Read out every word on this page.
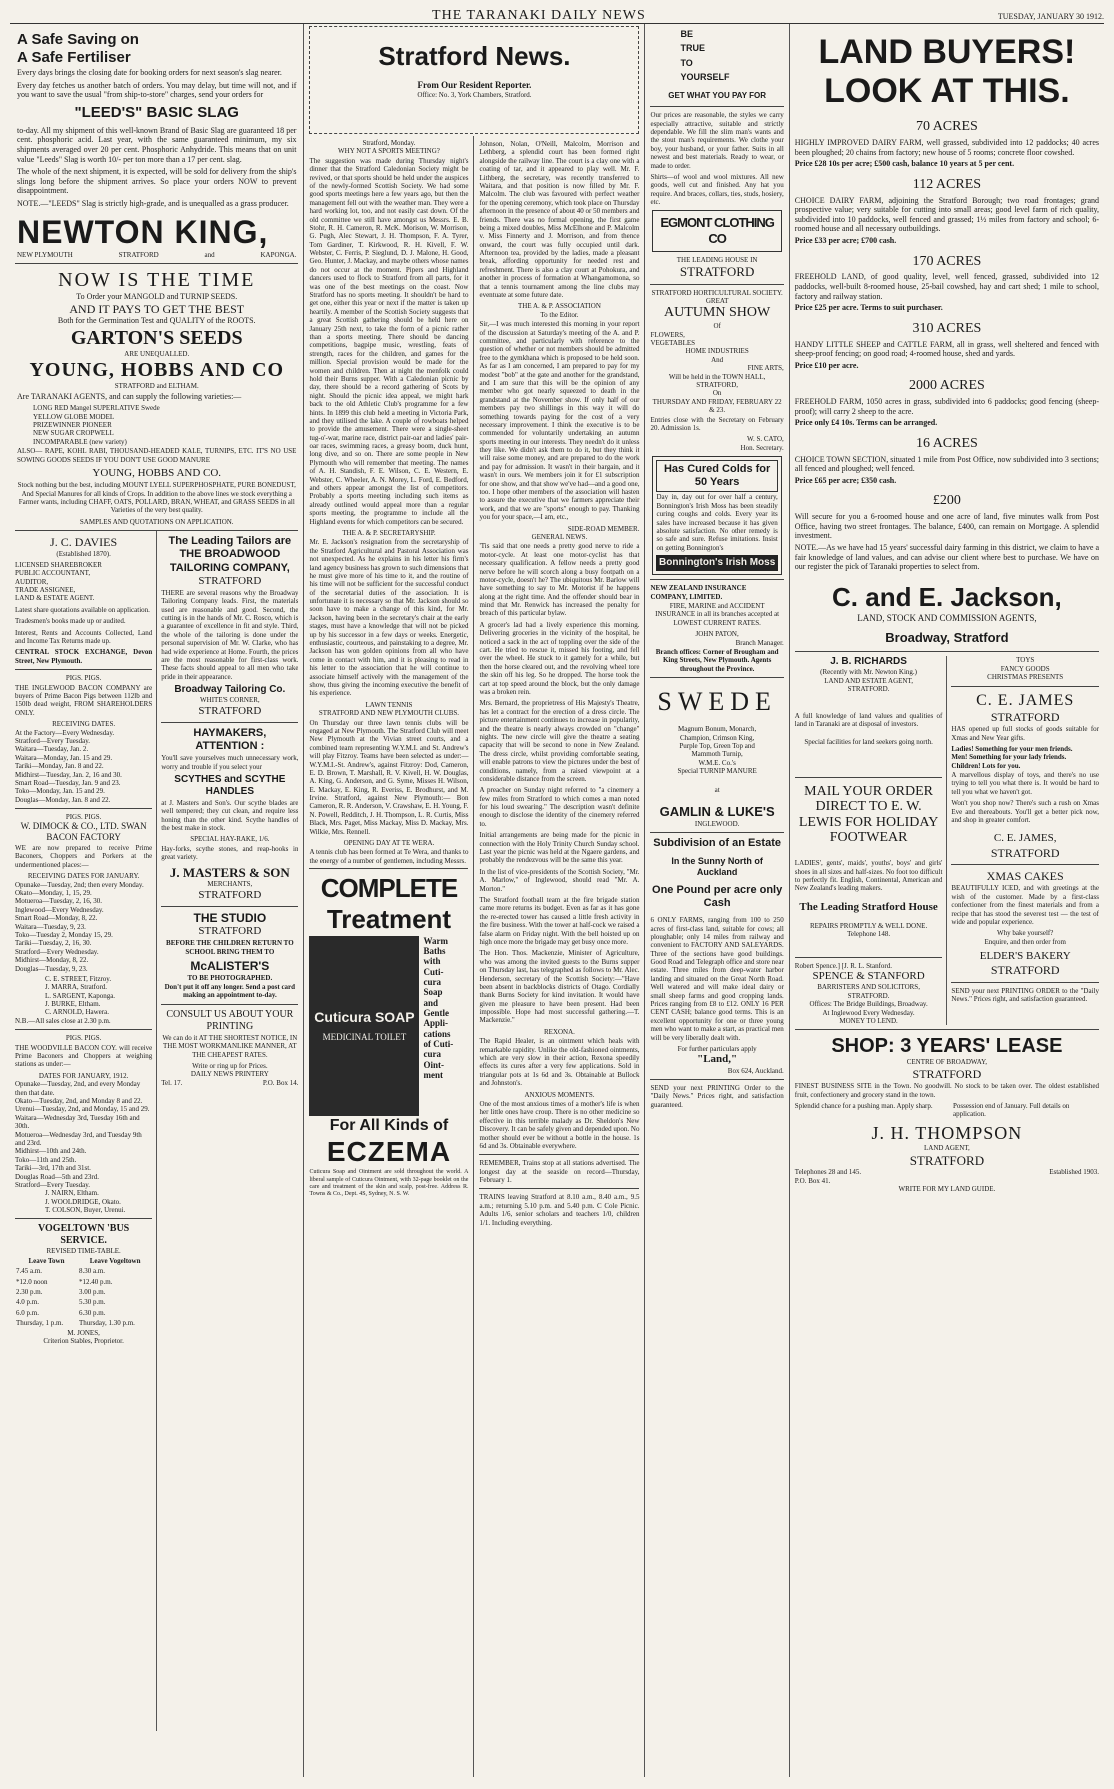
THE TARANAKI DAILY NEWS	TUESDAY, JANUARY 30 1912.
A Safe Saving on
A Safe Fertiliser

Every days brings the closing date for booking orders for next season's slag nearer.

Every day fetches us another batch of orders. You may delay, but time will not, and if you want to save the usual "from ship-to-store" charges, send your orders for

"LEED'S" BASIC SLAG

to-day. All my shipment of this well-known Brand of Basic Slag are guaranteed 18 per cent. phosphoric acid. Last year, with the same guaranteed minimum, my six shipments averaged over 20 per cent. Phosphoric Anhydride. This means that on unit value "Leeds" Slag is worth 10/- per ton more than a 17 per cent. slag.

The whole of the next shipment, it is expected, will be sold for delivery from the ship's slings long before the shipment arrives. So place your orders NOW to prevent disappointment.

NOTE.—"LEEDS" Slag is strictly high-grade, and is unequalled as a grass producer.

NEWTON KING,
NEW PLYMOUTH	STRATFORD	and	KAPONGA.
NOW IS THE TIME
To Order your MANGOLD and TURNIP SEEDS.
AND IT PAYS TO GET THE BEST
Both for the Germination Test and QUALITY of the ROOTS.
GARTON'S SEEDS
ARE UNEQUALLED.
YOUNG, HOBBS AND CO
STRATFORD and ELTHAM.

Are TARANAKI AGENTS, and can supply the following varieties:—

LONG RED Mangel SUPERLATIVE Swede
YELLOW GLOBE MODEL
PRIZEWINNER PIONEER
NEW SUGAR CROPWELL
INCOMPARABLE (new variety)

ALSO— RAPE, KOHL RABI, THOUSAND-HEADED KALE, TURNIPS, ETC. IT'S NO USE SOWING GOODS SEEDS IF YOU DON'T USE GOOD MANURE

YOUNG, HOBBS AND CO.

Stock nothing but the best, including MOUNT LYELL SUPERPHOSPHATE, PURE BONEDUST, And Special Manures for all kinds of Crops. In addition to the above lines we stock everything a Farmer wants, including CHAFF, OATS, POLLARD, BRAN, WHEAT, and GRASS SEEDS in all Varieties of the very best quality.

SAMPLES AND QUOTATIONS ON APPLICATION.
J. C. DAVIES
(Established 1870).
LICENSED SHAREBROKER
PUBLIC ACCOUNTANT,
AUDITOR,
TRADE ASSIGNEE,
LAND & ESTATE AGENT.

Latest share quotations available on application.

Tradesmen's books made up or audited.

Interest, Rents and Accounts Collected, Land and Income Tax Returns made up.

CENTRAL STOCK EXCHANGE, Devon Street, New Plymouth.

PIGS. PIGS.

THE INGLEWOOD BACON COMPANY are buyers of Prime Bacon Pigs between 112lb and 150lb dead weight, FROM SHAREHOLDERS ONLY.

RECEIVING DATES.
At the Factory—Every Wednesday.
Stratford—Every Tuesday.
Waitara—Tuesday, Jan. 2.
Waitara—Monday, Jan. 15 and 29.
Tariki—Monday, Jan. 8 and 22.
Midhirst—Tuesday, Jan. 2, 16 and 30.
Smart Road—Tuesday, Jan. 9 and 23.
Toko—Monday, Jan. 15 and 29.
Douglas—Monday, Jan. 8 and 22.
PIGS. PIGS.
W. DIMOCK & CO., LTD. SWAN BACON FACTORY

WE are now prepared to receive Prime Baconers, Choppers and Porkers at the undermentioned places:—

RECEIVING DATES FOR JANUARY.
Opunake—Tuesday, 2nd; then every Monday.
Okato—Monday, 1, 15, 29.
Motueroa—Tuesday, 2, 16, 30.
Inglewood—Every Wednesday.
Smart Road—Monday, 8, 22.
Waitara—Tuesday, 9, 23.
Toko—Tuesday 2, Monday 15, 29.
Tariki—Tuesday, 2, 16, 30.
Stratford—Every Wednesday.
Midhirst—Monday, 8, 22.
Douglas—Tuesday, 9, 23.
C. E. STREET, Fitzroy.
J. MARRA, Stratford.
L. SARGENT, Kaponga.
J. BURKE, Eltham.
C. ARNOLD, Hawera.
N.B.—All sales close at 2.30 p.m.
PIGS. PIGS.

THE WOODVILLE BACON COY. will receive Prime Baconers and Choppers at weighing stations as under:—

DATES FOR JANUARY, 1912.
Opunake—Tuesday, 2nd, and every Monday then that date.
Okato—Tuesday, 2nd, and Monday 8 and 22.
Urenui—Tuesday, 2nd, and Monday, 15 and 29.
Waitara—Wednesday 3rd, Tuesday 16th and 30th.
Motueroa—Wednesday 3rd, and Tuesday 9th and 23rd.
Midhirst—10th and 24th.
Toko—11th and 25th.
Tariki—3rd, 17th and 31st.
Douglas Road—5th and 23rd.
Stratford—Every Tuesday.
J. NAIRN, Eltham.
J. WOOLDRIDGE, Okato.
T. COLSON, Buyer, Urenui.
VOGELTOWN 'BUS SERVICE.
REVISED TIME-TABLE.
Leave Town	Leave Vogeltown
7.45 a.m.	8.30 a.m.
*12.0 noon	*12.40 p.m.
2.30 p.m.	3.00 p.m.
4.0 p.m.	5.30 p.m.
6.0 p.m.	6.30 p.m.
Thursday, 1 p.m.	Thursday, 1.30 p.m.
M. JONES,
Criterion Stables, Proprietor.
The Leading Tailors are THE BROADWOOD TAILORING COMPANY,
STRATFORD

THERE are several reasons why the Broadway Tailoring Company leads. First, the materials used are reasonable and good. Second, the cutting is in the hands of Mr. C. Rosco, which is a guarantee of excellence in fit and style. Third, the whole of the tailoring is done under the personal supervision of Mr. W. Clarke, who has had wide experience at Home. Fourth, the prices are the most reasonable for first-class work. These facts should appeal to all men who take pride in their appearance.

Broadway Tailoring Co.
WHITE'S CORNER,
STRATFORD
HAYMAKERS, ATTENTION :

You'll save yourselves much unnecessary work, worry and trouble if you select your

SCYTHES and SCYTHE HANDLES

at J. Masters and Son's. Our scythe blades are well tempered; they cut clean, and require less honing than the other kind. Scythe handles of the best make in stock.

SPECIAL HAY-RAKE, 1/6.

Hay-forks, scythe stones, and reap-hooks in great variety.

J. MASTERS & SON
MERCHANTS,
STRATFORD
THE STUDIO
STRATFORD

BEFORE THE CHILDREN RETURN TO SCHOOL BRING THEM TO

McALISTER'S
TO BE PHOTOGRAPHED.

Don't put it off any longer. Send a post card making an appointment to-day.

CONSULT US ABOUT YOUR PRINTING

We can do it AT THE SHORTEST NOTICE, IN THE MOST WORKMANLIKE MANNER, AT THE CHEAPEST RATES.

Write or ring up for Prices.
DAILY NEWS PRINTERY
Tel. 17.	P.O. Box 14.
Stratford News.
From Our Resident Reporter.
Office: No. 3, York Chambers, Stratford.
Stratford, Monday.
WHY NOT A SPORTS MEETING?

The suggestion was made during Thursday night's dinner that the Stratford Caledonian Society might be revived, or that sports should be held under the auspices of the newly-formed Scottish Society. We had some good sports meetings here a few years ago, but then the management fell out with the weather man. They were a hard working lot, too, and not easily cast down. Of the old committee we still have amongst us Messrs. E. B. Stohr, R. H. Cameron, R. McK. Morison, W. Morrison, G. Pugh, Alec Stewart, J. H. Thompson, F. A. Tyrer, Tom Gardiner, T. Kirkwood, R. H. Kivell, F. W. Webster, C. Ferris, P. Sieglund, D. J. Malone, H. Good, Geo. Hunter, J. Mackay, and maybe others whose names do not occur at the moment. Pipers and Highland dancers used to flock to Stratford from all parts, for it was one of the best meetings on the coast. Now Stratford has no sports meeting. It shouldn't be hard to get one, either this year or next if the matter is taken up heartily. A member of the Scottish Society suggests that a great Scottish gathering should be held here on January 25th next, to take the form of a picnic rather than a sports meeting. There should be dancing competitions, bagpipe music, wrestling, feats of strength, races for the children, and games for the million. Special provision would be made for the women and children. Then at night the menfolk could hold their Burns supper. With a Caledonian picnic by day, there should be a record gathering of Scots by night. Should the picnic idea appeal, we might hark back to the old Athletic Club's programme for a few hints. In 1899 this club held a meeting in Victoria Park, and they utilised the lake. A couple of rowboats helped to provide the amusement. There were a single-sheet tug-o'-war, marine race, district pair-oar and ladies' pair-oar races, swimming races, a greasy boom, duck hunt, long dive, and so on. There are some people in New Plymouth who will remember that meeting. The names of A. H. Standish, F. E. Wilson, C. E. Western, E. Webster, C. Wheeler, A. N. Morey, L. Ford, E. Bedford, and others appear amongst the list of competitors. Probably a sports meeting including such items as already outlined would appeal more than a regular sports meeting, the programme to include all the Highland events for which competitors can be secured.

THE A. & P. SECRETARYSHIP.

Mr. E. Jackson's resignation from the secretaryship of the Stratford Agricultural and Pastoral Association was not unexpected. As he explains in his letter his firm's land agency business has grown to such dimensions that he must give more of his time to it, and the routine of his time will not be sufficient for the successful conduct of the secretarial duties of the association. It is unfortunate it is necessary so that Mr. Jackson should so soon have to make a change of this kind, for Mr. Jackson, having been in the secretary's chair at the early stages, must have a knowledge that will not be picked up by his successor in a few days or weeks. Energetic, enthusiastic, courteous, and painstaking to a degree, Mr. Jackson has won golden opinions from all who have come in contact with him, and it is pleasing to read in his letter to the association that he will continue to associate himself actively with the management of the show, thus giving the incoming executive the benefit of his experience.

LAWN TENNIS
STRATFORD AND NEW PLYMOUTH CLUBS.

On Thursday our three lawn tennis clubs will be engaged at New Plymouth. The Stratford Club will meet New Plymouth at the Vivian street courts, and a combined team representing W.Y.M.I. and St. Andrew's will play Fitzroy. Teams have been selected as under:— W.Y.M.I.-St. Andrew's, against Fitzroy: Dod, Cameron, E. D. Brown, T. Marshall, R. V. Kivell, H. W. Douglas, A. King, G. Anderson, and G. Syme, Misses H. Wilson, E. Mackay, E. King, R. Everiss, E. Brodhurst, and M. Irvine. Stratford, against New Plymouth:— Bon Cameron, R. R. Anderson, V. Crawshaw, E. H. Young, F. N. Powell, Redditch, J. H. Thompson, L. R. Curtis, Miss Black, Mrs. Paget, Miss Mackay, Miss D. Mackay, Mrs. Wilkie, Mrs. Rennell.

OPENING DAY AT TE WERA.

A tennis club has been formed at Te Wera, and thanks to the energy of a number of gentlemen, including Messrs.

COMPLETE
Treatment
Cuticura SOAP
MEDICINAL TOILET
Warm
Baths
with
Cuti-
cura
Soap
and
Gentle
Appli-
cations
of Cuti-
cura
Oint-
ment
For All Kinds of
ECZEMA

Cuticura Soap and Ointment are sold throughout the world. A liberal sample of Cuticura Ointment, with 32-page booklet on the care and treatment of the skin and scalp, post-free. Address R. Towns & Co., Dept. 4S, Sydney, N. S. W.

Johnson, Nolan, O'Neill, Malcolm, Morrison and Lethberg, a splendid court has been formed right alongside the railway line. The court is a clay one with a coating of tar, and it appeared to play well. Mr. F. Lithberg, the secretary, was recently transferred to Waitara, and that position is now filled by Mr. F. Malcolm. The club was favoured with perfect weather for the opening ceremony, which took place on Thursday afternoon in the presence of about 40 or 50 members and friends. There was no formal opening, the first game being a mixed doubles, Miss McElhone and P. Malcolm v. Miss Finnerty and J. Morrison, and from thence onward, the court was fully occupied until dark. Afternoon tea, provided by the ladies, made a pleasant break, affording opportunity for needed rest and refreshment. There is also a clay court at Pohokura, and another in process of formation at Whangamomona, so that a tennis tournament among the line clubs may eventuate at some future date.

THE A. & P. ASSOCIATION
To the Editor.

Sir,—I was much interested this morning in your report of the discussion at Saturday's meeting of the A. and P. committee, and particularly with reference to the question of whether or not members should be admitted free to the gymkhana which is proposed to be held soon. As far as I am concerned, I am prepared to pay for my modest "bob" at the gate and another for the grandstand, and I am sure that this will be the opinion of any member who got nearly squeezed to death in the grandstand at the November show. If only half of our members pay two shillings in this way it will do something towards paying for the cost of a very necessary improvement. I think the executive is to be commended for voluntarily undertaking an autumn sports meeting in our interests. They needn't do it unless they like. We didn't ask them to do it, but they think it will raise some money, and are prepared to do the work and pay for admission. It wasn't in their bargain, and it wasn't in ours. We members join it for £1 subscription for one show, and that show we've had—and a good one, too. I hope other members of the association will hasten to assure the executive that we farmers appreciate their work, and that we are "sports" enough to pay. Thanking you for your space,—I am, etc.,

SIDE-ROAD MEMBER.
GENERAL NEWS.

'Tis said that one needs a pretty good nerve to ride a motor-cycle. At least one motor-cyclist has that necessary qualification. A fellow needs a pretty good nerve before he will scorch along a busy footpath on a motor-cycle, doesn't he? The ubiquitous Mr. Barlow will have something to say to Mr. Motorist if he happens along at the right time. And the offender should bear in mind that Mr. Renwick has increased the penalty for breach of this particular bylaw.

A grocer's lad had a lively experience this morning. Delivering groceries in the vicinity of the hospital, he noticed a sack in the act of toppling over the side of the cart. He tried to rescue it, missed his footing, and fell over the wheel. He stuck to it gamely for a while, but then the horse cleared out, and the revolving wheel tore the skin off his leg. So he dropped. The horse took the cart at top speed around the block, but the only damage was a broken rein.

Mrs. Bernard, the proprietress of His Majesty's Theatre, has let a contract for the erection of a dress circle. The picture entertainment continues to increase in popularity, and the theatre is nearly always crowded on "change" nights. The new circle will give the theatre a seating capacity that will be second to none in New Zealand. The dress circle, whilst providing comfortable seating, will enable patrons to view the pictures under the best of conditions, namely, from a raised viewpoint at a considerable distance from the screen.

A preacher on Sunday night referred to "a cinemery a few miles from Stratford to which comes a man noted for his loud swearing." The description wasn't definite enough to disclose the identity of the cinemery referred to.

Initial arrangements are being made for the picnic in connection with the Holy Trinity Church Sunday school. Last year the picnic was held at the Ngaere gardens, and probably the rendezvous will be the same this year.

In the list of vice-presidents of the Scottish Society, "Mr. A. Marlow," of Inglewood, should read "Mr. A. Morton."

The Stratford football team at the fire brigade station came more returns its budget. Even as far as it has gone the re-erected tower has caused a little fresh activity in the fire business. With the tower at half-cock we raised a false alarm on Friday night. With the bell hoisted up on high once more the brigade may get busy once more.

The Hon. Thos. Mackenzie, Minister of Agriculture, who was among the invited guests to the Burns supper on Thursday last, has telegraphed as follows to Mr. Alec. Henderson, secretary of the Scottish Society:—"Have been absent in backblocks districts of Otago. Cordially thank Burns Society for kind invitation. It would have given me pleasure to have been present. Had been impossible. Hope had most successful gathering.—T. Mackenzie."

REXONA.

The Rapid Healer, is an ointment which heals with remarkable rapidity. Unlike the old-fashioned ointments, which are very slow in their action, Rexona speedily effects its cures after a very few applications. Sold in triangular pots at 1s 6d and 3s. Obtainable at Bullock and Johnston's.

ANXIOUS MOMENTS.

One of the most anxious times of a mother's life is when her little ones have croup. There is no other medicine so effective in this terrible malady as Dr. Sheldon's New Discovery. It can be safely given and depended upon. No mother should ever be without a bottle in the house. 1s 6d and 3s. Obtainable everywhere.

REMEMBER, Trains stop at all stations advertised. The longest day at the seaside on record—Thursday, February 1.

TRAINS leaving Stratford at 8.10 a.m., 8.40 a.m., 9.5 a.m.; returning 5.10 p.m. and 5.40 p.m. C Cole Picnic. Adults 1/6, senior scholars and teachers 1/0, children 1/1. Including everything.

BE
TRUE
TO
YOURSELF
GET WHAT YOU PAY FOR

Our prices are reasonable, the styles we carry especially attractive, suitable and strictly dependable. We fill the slim man's wants and the stout man's requirements. We clothe your boy, your husband, or your father. Suits in all newest and best materials. Ready to wear, or made to order.

Shirts—of wool and wool mixtures. All new goods, well cut and finished. Any hat you require. And braces, collars, ties, studs, hosiery, etc.

EGMONT CLOTHING CO
THE LEADING HOUSE IN
STRATFORD
STRATFORD HORTICULTURAL SOCIETY.
GREAT
AUTUMN SHOW
Of
FLOWERS,
VEGETABLES
HOME INDUSTRIES
And
FINE ARTS,
Will be held in the TOWN HALL, STRATFORD,
On
THURSDAY AND FRIDAY, FEBRUARY 22 & 23.

Entries close with the Secretary on February 20. Admission 1s.

W. S. CATO,
Hon. Secretary.
Has Cured Colds for 50 Years

Day in, day out for over half a century, Bonnington's Irish Moss has been steadily curing coughs and colds. Every year its sales have increased because it has given absolute satisfaction. No other remedy is so safe and sure. Refuse imitations. Insist on getting Bonnington's

Bonnington's Irish Moss
NEW ZEALAND INSURANCE COMPANY, LIMITED.

FIRE, MARINE and ACCIDENT INSURANCE in all its branches accepted at LOWEST CURRENT RATES.

JOHN PATON,
Branch Manager.

Branch offices: Corner of Brougham and King Streets, New Plymouth. Agents throughout the Province.

SWEDE
Magnum Bonum, Monarch,
Champion, Crimson King,
Purple Top, Green Top and
Mammoth Turnip,
W.M.E. Co.'s
Special TURNIP MANURE
at
GAMLIN & LUKE'S
INGLEWOOD.
Subdivision of an Estate
In the Sunny North of Auckland
One Pound per acre only Cash

6 ONLY FARMS, ranging from 100 to 250 acres of first-class land, suitable for cows; all ploughable; only 14 miles from railway and convenient to FACTORY AND SALEYARDS. Three of the sections have good buildings. Good Road and Telegraph office and store near estate. Three miles from deep-water harbor landing and situated on the Great North Road. Well watered and will make ideal dairy or small sheep farms and good cropping lands. Prices ranging from £8 to £12. ONLY 16 PER CENT CASH; balance good terms. This is an excellent opportunity for one or three young men who want to make a start, as practical men will be very liberally dealt with.

For further particulars apply
"Land,"
Box 624, Auckland.

SEND your next PRINTING Order to the "Daily News." Prices right, and satisfaction guaranteed.

LAND BUYERS! LOOK AT THIS.
70 ACRES

HIGHLY IMPROVED DAIRY FARM, well grassed, subdivided into 12 paddocks; 40 acres been ploughed; 20 chains from factory; new house of 5 rooms; concrete floor cowshed.

Price £28 10s per acre; £500 cash, balance 10 years at 5 per cent.

112 ACRES

CHOICE DAIRY FARM, adjoining the Stratford Borough; two road frontages; grand prospective value; very suitable for cutting into small areas; good level farm of rich quality, subdivided into 10 paddocks, well fenced and grassed; 1½ miles from factory and school; 6-roomed house and all necessary outbuildings.

Price £33 per acre; £700 cash.

170 ACRES

FREEHOLD LAND, of good quality, level, well fenced, grassed, subdivided into 12 paddocks, well-built 8-roomed house, 25-bail cowshed, hay and cart shed; 1 mile to school, factory and railway station.

Price £25 per acre. Terms to suit purchaser.

310 ACRES

HANDY LITTLE SHEEP and CATTLE FARM, all in grass, well sheltered and fenced with sheep-proof fencing; on good road; 4-roomed house, shed and yards.

Price £10 per acre.

2000 ACRES

FREEHOLD FARM, 1050 acres in grass, subdivided into 6 paddocks; good fencing (sheep-proof); will carry 2 sheep to the acre.

Price only £4 10s. Terms can be arranged.

16 ACRES

CHOICE TOWN SECTION, situated 1 mile from Post Office, now subdivided into 3 sections; all fenced and ploughed; well fenced.

Price £65 per acre; £350 cash.

£200

Will secure for you a 6-roomed house and one acre of land, five minutes walk from Post Office, having two street frontages. The balance, £400, can remain on Mortgage. A splendid investment.

NOTE.—As we have had 15 years' successful dairy farming in this district, we claim to have a fair knowledge of land values, and can advise our client where best to purchase. We have on our register the pick of Taranaki properties to select from.

C. and E. Jackson,
LAND, STOCK AND COMMISSION AGENTS,
Broadway, Stratford
J. B. RICHARDS
(Recently with Mr. Newton King.)
LAND AND ESTATE AGENT,
STRATFORD.

A full knowledge of land values and qualities of land in Taranaki are at disposal of investors.

Special facilities for land seekers going north.

MAIL YOUR ORDER DIRECT TO E. W. LEWIS FOR HOLIDAY FOOTWEAR

LADIES', gents', maids', youths', boys' and girls' shoes in all sizes and half-sizes. No foot too difficult to perfectly fit. English, Continental, American and New Zealand's leading makers.

The Leading Stratford House
REPAIRS PROMPTLY & WELL DONE.
Telephone 148.
Robert Spence.] [J. R. L. Stanford.
SPENCE & STANFORD
BARRISTERS AND SOLICITORS,
STRATFORD.
Offices: The Bridge Buildings, Broadway.
At Inglewood Every Wednesday.
MONEY TO LEND.
TOYS
FANCY GOODS
CHRISTMAS PRESENTS
C. E. JAMES
STRATFORD

HAS opened up full stocks of goods suitable for Xmas and New Year gifts.

Ladies! Something for your men friends.
Men! Something for your lady friends.
Children! Lots for you.

A marvellous display of toys, and there's no use trying to tell you what there is. It would be hard to tell you what we haven't got.

Won't you shop now? There's such a rush on Xmas Eve and thereabouts. You'll get a better pick now, and shop in greater comfort.

C. E. JAMES,
STRATFORD
XMAS CAKES

BEAUTIFULLY ICED, and with greetings at the wish of the customer. Made by a first-class confectioner from the finest materials and from a recipe that has stood the severest test — the test of wide and popular experience.

Why bake yourself?
Enquire, and then order from
ELDER'S BAKERY
STRATFORD

SEND your next PRINTING ORDER to the "Daily News." Prices right, and satisfaction guaranteed.

SHOP: 3 YEARS' LEASE
CENTRE OF BROADWAY,
STRATFORD

FINEST BUSINESS SITE in the Town. No goodwill. No stock to be taken over. The oldest established fruit, confectionery and grocery stand in the town.

Splendid chance for a pushing man. Apply sharp.	Possession end of January. Full details on application.
J. H. THOMPSON
LAND AGENT,
STRATFORD
Telephones 28 and 145.	Established 1903.
P.O. Box 41.
WRITE FOR MY LAND GUIDE.
